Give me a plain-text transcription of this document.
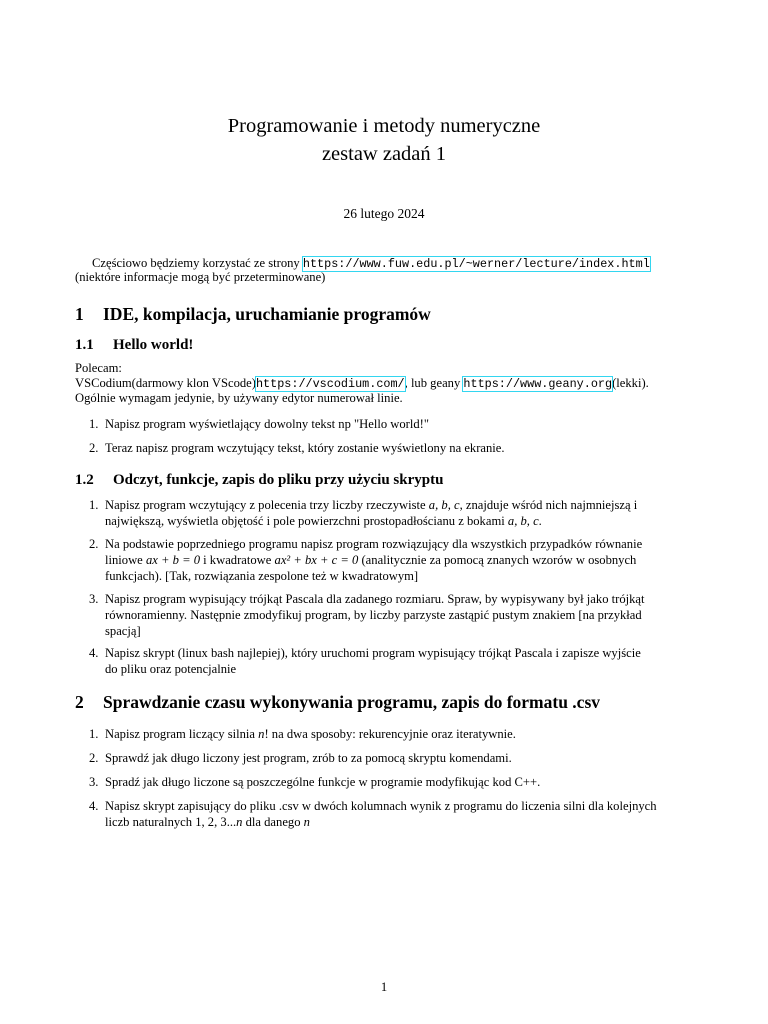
Programowanie i metody numeryczne
zestaw zadań 1
26 lutego 2024
Częściowo będziemy korzystać ze strony https://www.fuw.edu.pl/~werner/lecture/index.html
(niektóre informacje mogą być przeterminowane)
1 IDE, kompilacja, uruchamianie programów
1.1 Hello world!
Polecam:
VSCodium(darmowy klon VScode)https://vscodium.com/, lub geany https://www.geany.org(lekki).
Ogólnie wymagam jedynie, by używany edytor numerował linie.
1. Napisz program wyświetlający dowolny tekst np "Hello world!"
2. Teraz napisz program wczytujący tekst, który zostanie wyświetlony na ekranie.
1.2 Odczyt, funkcje, zapis do pliku przy użyciu skryptu
1. Napisz program wczytujący z polecenia trzy liczby rzeczywiste a, b, c, znajduje wśród nich najmniejszą i
największą, wyświetla objętość i pole powierzchni prostopadłościanu z bokami a, b, c.
2. Na podstawie poprzedniego programu napisz program rozwiązujący dla wszystkich przypadków równanie
liniowe ax + b = 0 i kwadratowe ax² + bx + c = 0 (analitycznie za pomocą znanych wzorów w osobnych
funkcjach). [Tak, rozwiązania zespolone też w kwadratowym]
3. Napisz program wypisujący trójkąt Pascala dla zadanego rozmiaru. Spraw, by wypisywany był jako trójkąt
równoramienny. Następnie zmodyfikuj program, by liczby parzyste zastąpić pustym znakiem [na przykład
spacją]
4. Napisz skrypt (linux bash najlepiej), który uruchomi program wypisujący trójkąt Pascala i zapisze wyjście
do pliku oraz potencjalnie
2 Sprawdzanie czasu wykonywania programu, zapis do formatu .csv
1. Napisz program liczący silnia n! na dwa sposoby: rekurencyjnie oraz iteratywnie.
2. Sprawdź jak długo liczony jest program, zrób to za pomocą skryptu komendami.
3. Spradź jak długo liczone są poszczególne funkcje w programie modyfikując kod C++.
4. Napisz skrypt zapisujący do pliku .csv w dwóch kolumnach wynik z programu do liczenia silni dla kolejnych
liczb naturalnych 1, 2, 3...n dla danego n
1
